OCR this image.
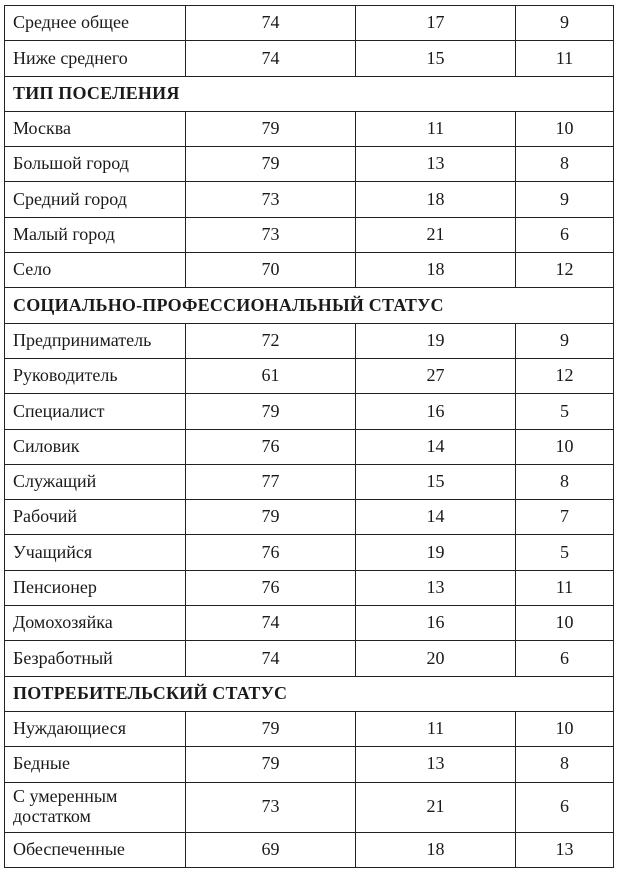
Среднее общее	74	17	9
Ниже среднего	74	15	11
ТИП ПОСЕЛЕНИЯ			
Москва	79	11	10
Большой город	79	13	8
Средний город	73	18	9
Малый город	73	21	6
Село	70	18	12
СОЦИАЛЬНО-ПРОФЕССИОНАЛЬНЫЙ СТАТУС			
Предприниматель	72	19	9
Руководитель	61	27	12
Специалист	79	16	5
Силовик	76	14	10
Служащий	77	15	8
Рабочий	79	14	7
Учащийся	76	19	5
Пенсионер	76	13	11
Домохозяйка	74	16	10
Безработный	74	20	6
ПОТРЕБИТЕЛЬСКИЙ СТАТУС			
Нуждающиеся	79	11	10
Бедные	79	13	8
С умеренным достатком	73	21	6
Обеспеченные	69	18	13
